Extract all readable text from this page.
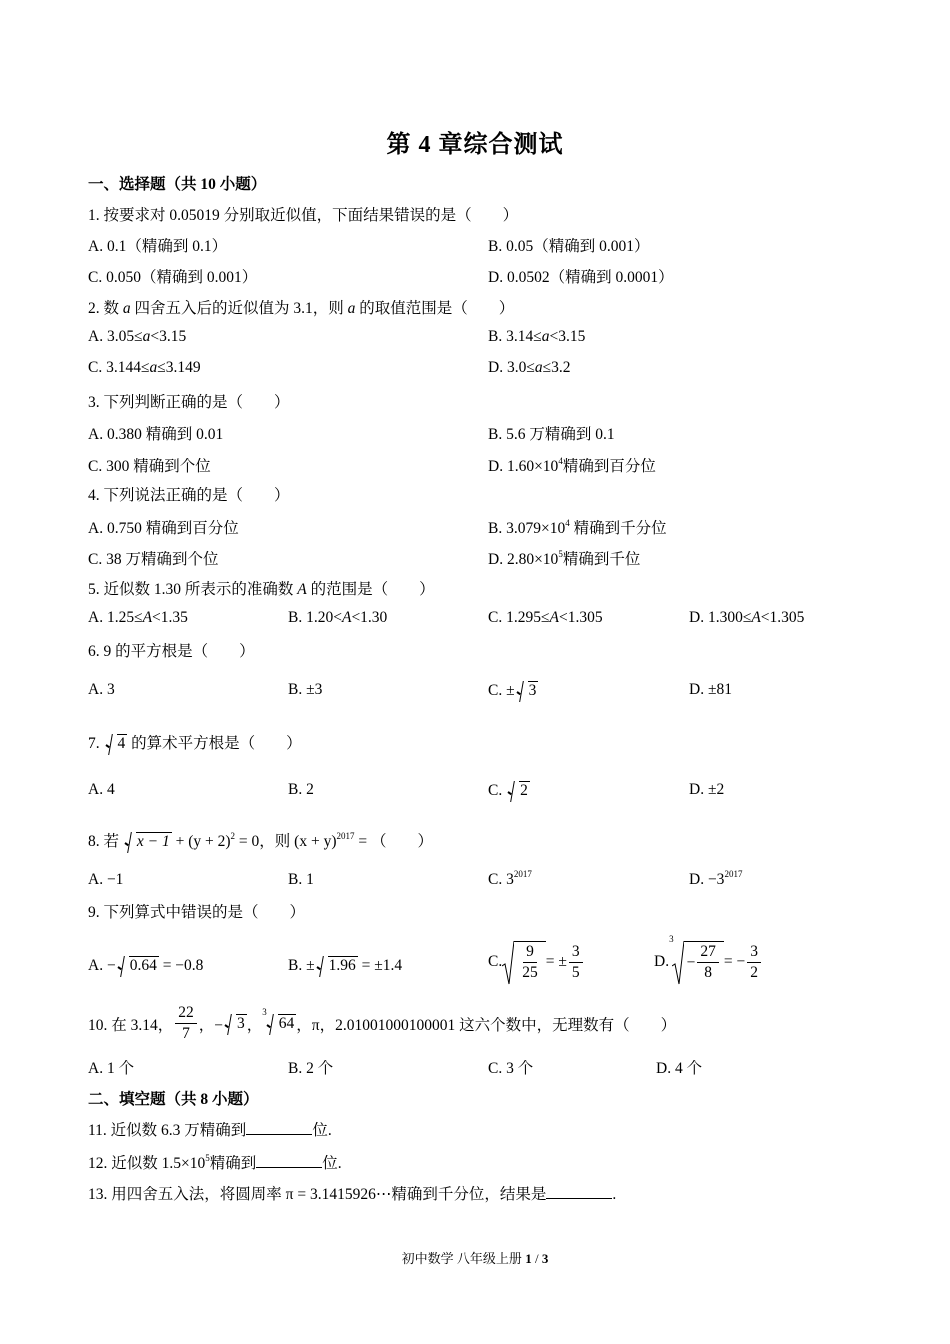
第 4 章综合测试
一、选择题（共 10 小题）
1. 按要求对 0.05019 分别取近似值，下面结果错误的是（　　）
A. 0.1（精确到 0.1）	B. 0.05（精确到 0.001）
C. 0.050（精确到 0.001）	D. 0.0502（精确到 0.0001）
2. 数 a 四舍五入后的近似值为 3.1，则 a 的取值范围是（　　）
A. 3.05≤a<3.15	B. 3.14≤a<3.15
C. 3.144≤a≤3.149	D. 3.0≤a≤3.2
3. 下列判断正确的是（　　）
A. 0.380 精确到 0.01	B. 5.6 万精确到 0.1
C. 300 精确到个位	D. $1.60\times 10^4$精确到百分位
4. 下列说法正确的是（　　）
A. 0.750 精确到百分位	B. $3.079\times 10^4$ 精确到千分位
C. 38 万精确到个位	D. $2.80\times 10^5$精确到千位
5. 近似数 1.30 所表示的准确数 A 的范围是（　　）
A. 1.25≤A<1.35	B. 1.20<A<1.30	C. 1.295≤A<1.305	D. 1.300≤A<1.305
6. 9 的平方根是（　　）
A. 3	B. ±3	C. ± 3	D. ±81
7. 4 的算术平方根是（　　）
A. 4	B. 2	C. 2	D. ±2
8. 若 $x - 1 + (y + 2)^2 = 0$，则 $(x + y)^{2017}$ = （　　）
A. −1	B. 1	C. $3^{2017}$	D. $-3^{2017}$
9. 下列算式中错误的是（　　）
A. − 0.64 = −0.8	B. ± 1.96 = ±1.4	C. $\frac{9}{25}$ = ± $\frac{3}{5}$	D.
3
− $\frac{27}{8}$ = − $\frac{3}{2}$
10. 在 3.14， $\frac{22}{7}$ ，− 3 ，
3
64 ，π，2.01001000100001 这六个数中，无理数有（　　）
A. 1 个	B. 2 个	C. 3 个	D. 4 个
二、填空题（共 8 小题）
11. 近似数 6.3 万精确到	位.
12. 近似数 $1.5\times 10^5$精确到	位.
13. 用四舍五入法，将圆周率 π = 3.1415926⋯精确到千分位，结果是	.
初中数学 八年级上册 1 / 3
